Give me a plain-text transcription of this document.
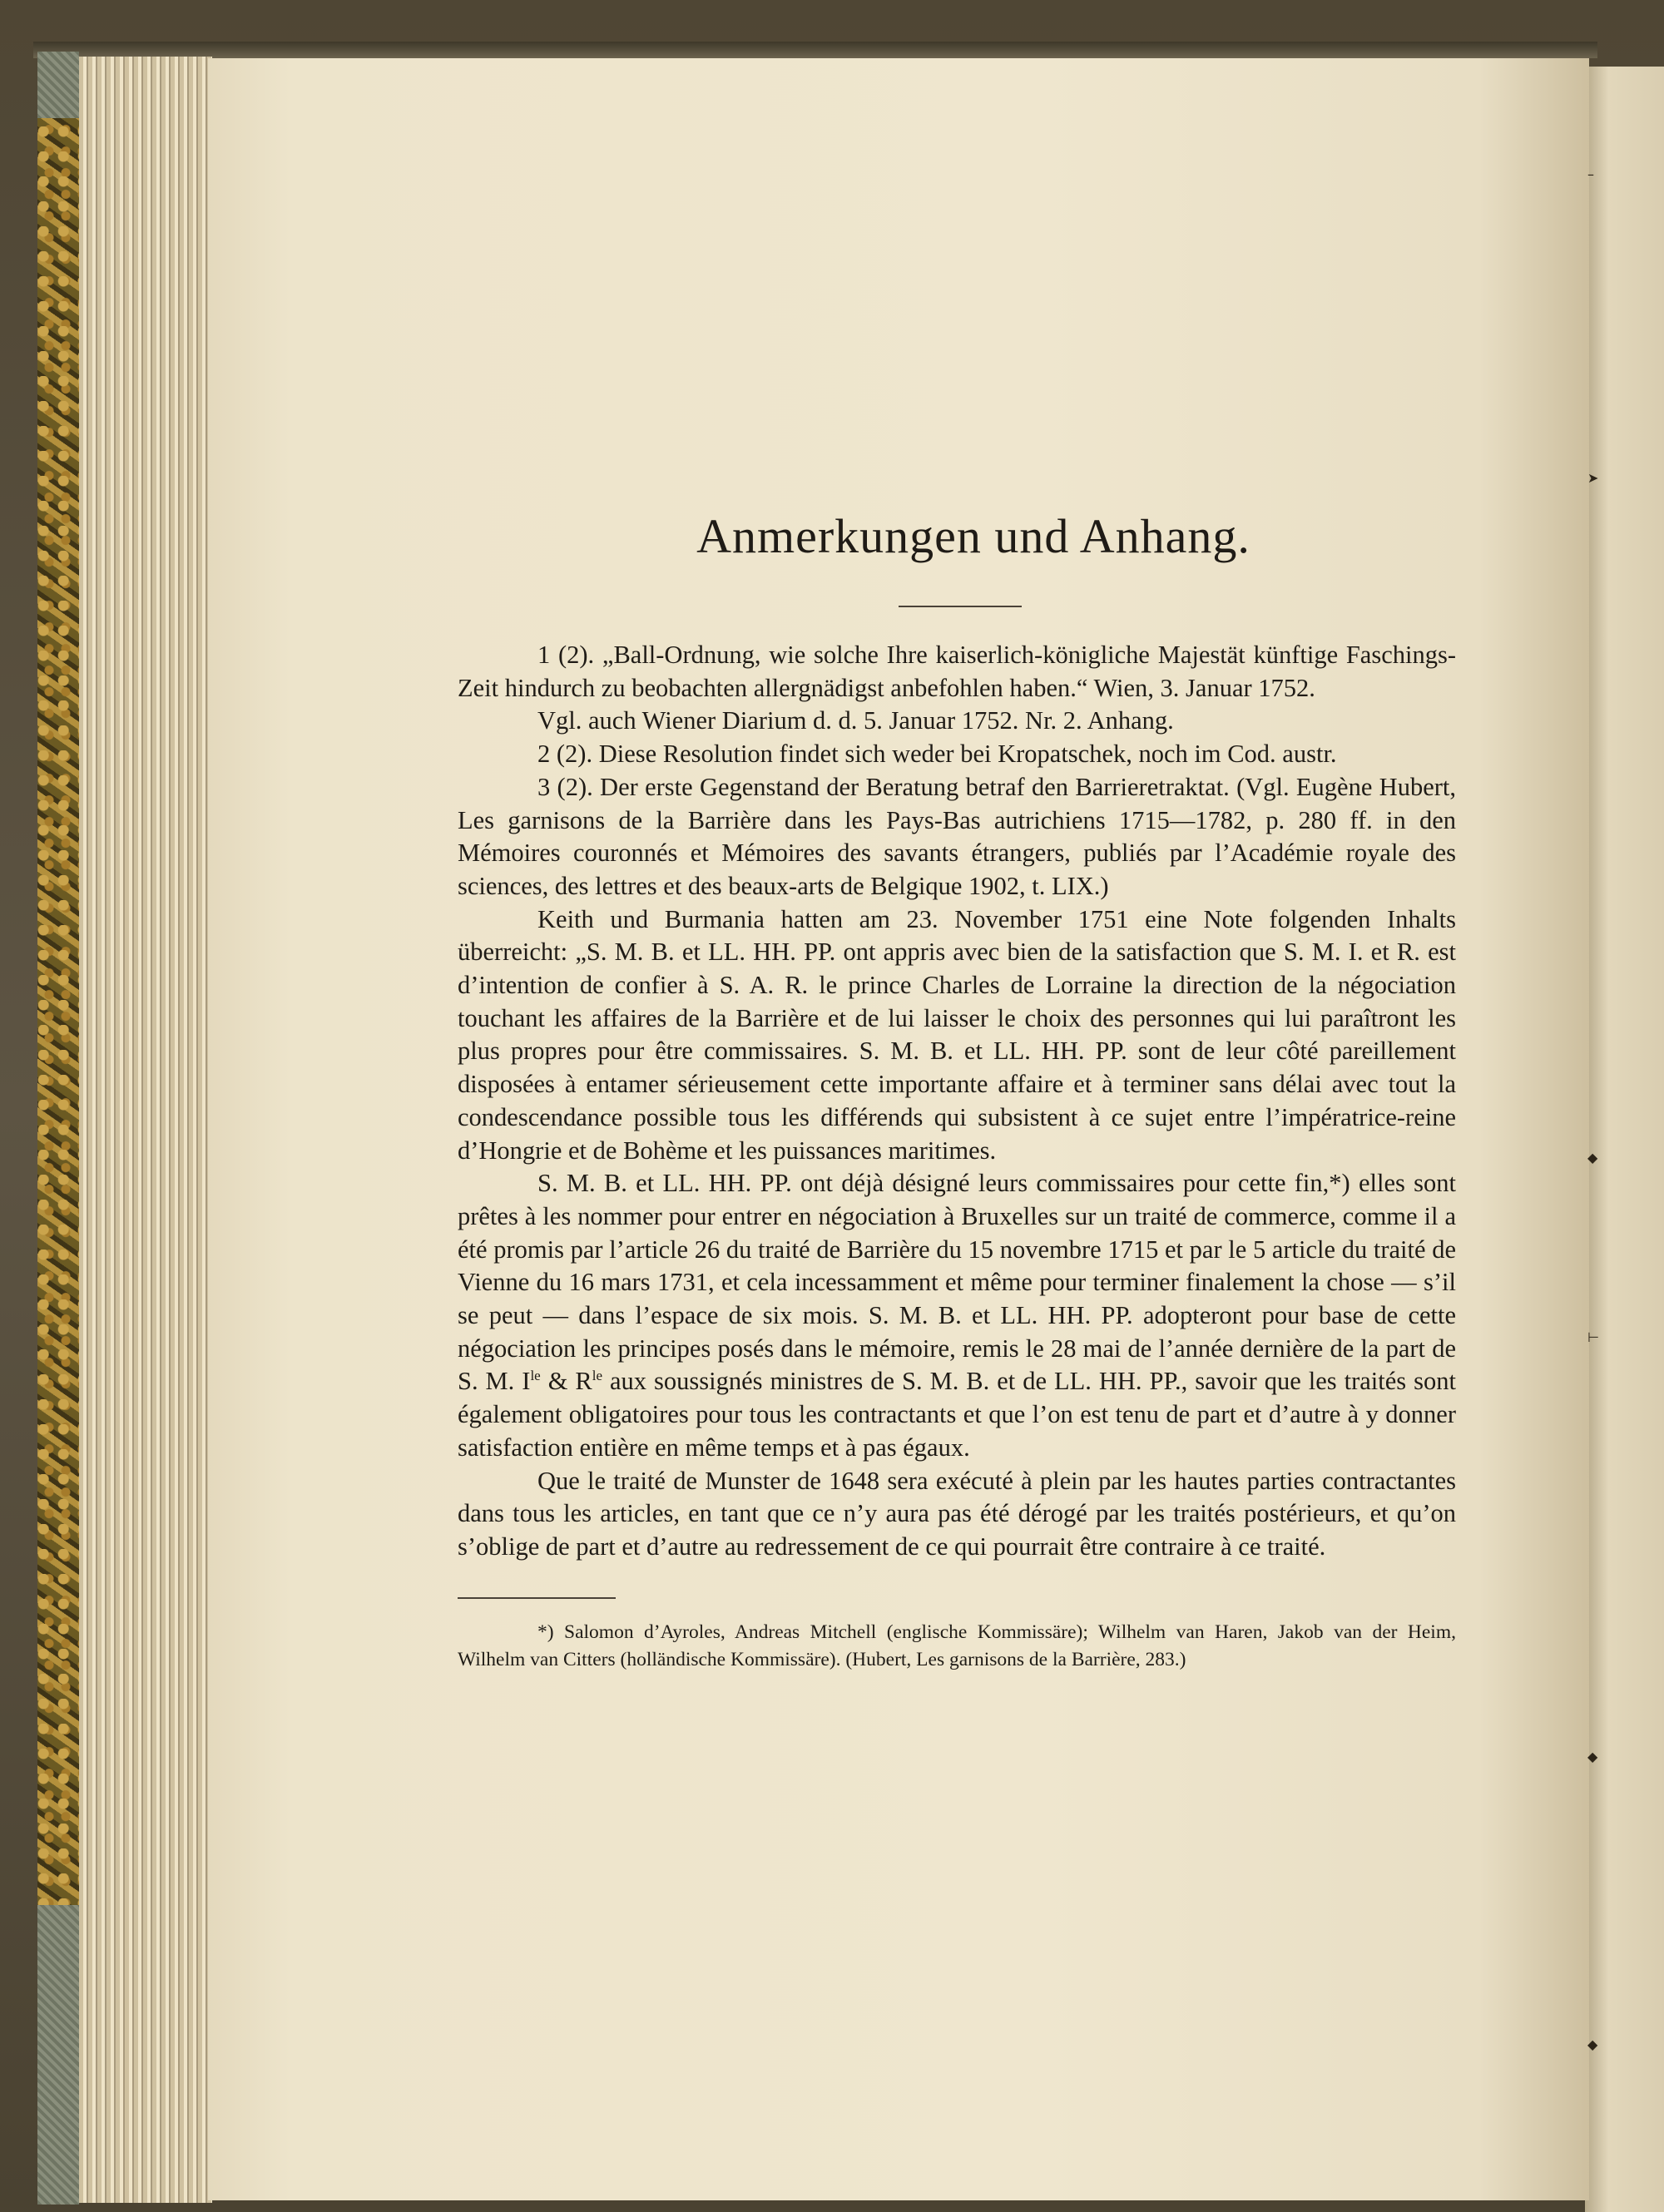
–
➤
◆
⊢
◆
◆
Anmerkungen und Anhang.

1 (2). „Ball-Ordnung, wie solche Ihre kaiserlich-königliche Majestät künftige Faschings-Zeit hindurch zu beobachten allergnädigst anbefohlen haben.“ Wien, 3. Januar 1752.

Vgl. auch Wiener Diarium d. d. 5. Januar 1752. Nr. 2. Anhang.

2 (2). Diese Resolution findet sich weder bei Kropatschek, noch im Cod. austr.

3 (2). Der erste Gegenstand der Beratung betraf den Barrieretraktat. (Vgl. Eugène Hubert, Les garnisons de la Barrière dans les Pays-Bas autrichiens 1715—1782, p. 280 ff. in den Mémoires couronnés et Mémoires des savants étrangers, publiés par l’Académie royale des sciences, des lettres et des beaux-arts de Belgique 1902, t. LIX.)

Keith und Burmania hatten am 23. November 1751 eine Note folgenden Inhalts überreicht: „S. M. B. et LL. HH. PP. ont appris avec bien de la satisfaction que S. M. I. et R. est d’intention de confier à S. A. R. le prince Charles de Lorraine la direction de la négociation touchant les affaires de la Barrière et de lui laisser le choix des personnes qui lui paraîtront les plus propres pour être commissaires. S. M. B. et LL. HH. PP. sont de leur côté pareillement disposées à entamer sérieusement cette importante affaire et à terminer sans délai avec tout la condescendance possible tous les différends qui subsistent à ce sujet entre l’impératrice-reine d’Hongrie et de Bohème et les puissances maritimes.

S. M. B. et LL. HH. PP. ont déjà désigné leurs commissaires pour cette fin,*) elles sont prêtes à les nommer pour entrer en négociation à Bruxelles sur un traité de commerce, comme il a été promis par l’article 26 du traité de Barrière du 15 novembre 1715 et par le 5 article du traité de Vienne du 16 mars 1731, et cela incessamment et même pour terminer finalement la chose — s’il se peut — dans l’espace de six mois. S. M. B. et LL. HH. PP. adopteront pour base de cette négociation les principes posés dans le mémoire, remis le 28 mai de l’année dernière de la part de S. M. $I^{le}$ & $R^{le}$ aux soussignés ministres de S. M. B. et de LL. HH. PP., savoir que les traités sont également obligatoires pour tous les contractants et que l’on est tenu de part et d’autre à y donner satisfaction entière en même temps et à pas égaux.

Que le traité de Munster de 1648 sera exécuté à plein par les hautes parties contractantes dans tous les articles, en tant que ce n’y aura pas été dérogé par les traités postérieurs, et qu’on s’oblige de part et d’autre au redressement de ce qui pourrait être contraire à ce traité.

*) Salomon d’Ayroles, Andreas Mitchell (englische Kommissäre); Wilhelm van Haren, Jakob van der Heim, Wilhelm van Citters (holländische Kommissäre). (Hubert, Les garnisons de la Barrière, 283.)
